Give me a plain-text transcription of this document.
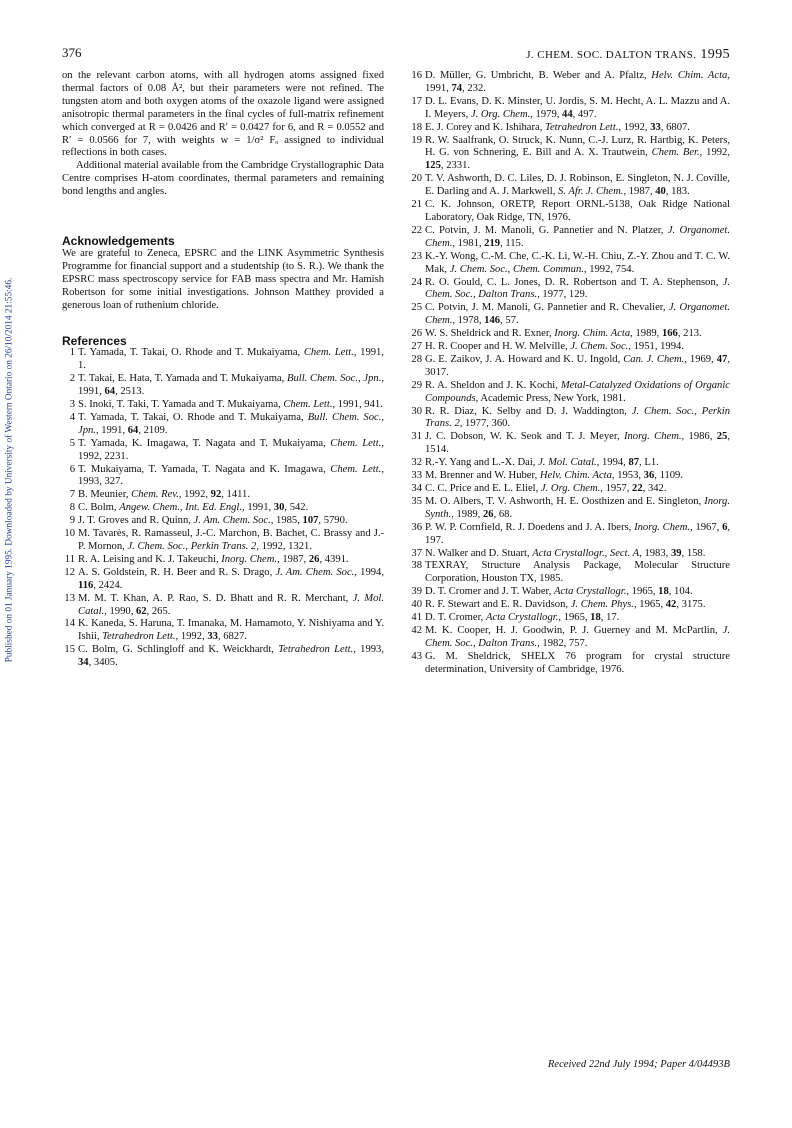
Published on 01 January 1995. Downloaded by University of Western Ontario on 26/10/2014 21:55:46.
376	J. CHEM. SOC. DALTON TRANS. 1995

on the relevant carbon atoms, with all hydrogen atoms assigned fixed thermal factors of 0.08 Å², but their parameters were not refined. The tungsten atom and both oxygen atoms of the oxazole ligand were assigned anisotropic thermal parameters in the final cycles of full-matrix refinement which converged at R = 0.0426 and R′ = 0.0427 for 6, and R = 0.0552 and R′ = 0.0566 for 7, with weights w = 1/σ² Fₒ assigned to individual reflections in both cases.

Additional material available from the Cambridge Crystallographic Data Centre comprises H-atom coordinates, thermal parameters and remaining bond lengths and angles.

Acknowledgements

We are grateful to Zeneca, EPSRC and the LINK Asymmetric Synthesis Programme for financial support and a studentship (to S. R.). We thank the EPSRC mass spectroscopy service for FAB mass spectra and Mr. Hamish Robertson for some initial investigations. Johnson Matthey provided a generous loan of ruthenium chloride.

References
1 T. Yamada, T. Takai, O. Rhode and T. Mukaiyama, Chem. Lett., 1991, 1.
2 T. Takai, E. Hata, T. Yamada and T. Mukaiyama, Bull. Chem. Soc., Jpn., 1991, 64, 2513.
3 S. Inoki, T. Taki, T. Yamada and T. Mukaiyama, Chem. Lett., 1991, 941.
4 T. Yamada, T. Takai, O. Rhode and T. Mukaiyama, Bull. Chem. Soc., Jpn., 1991, 64, 2109.
5 T. Yamada, K. Imagawa, T. Nagata and T. Mukaiyama, Chem. Lett., 1992, 2231.
6 T. Mukaiyama, T. Yamada, T. Nagata and K. Imagawa, Chem. Lett., 1993, 327.
7 B. Meunier, Chem. Rev., 1992, 92, 1411.
8 C. Bolm, Angew. Chem., Int. Ed. Engl., 1991, 30, 542.
9 J. T. Groves and R. Quinn, J. Am. Chem. Soc., 1985, 107, 5790.
10 M. Tavarès, R. Ramasseul, J.-C. Marchon, B. Bachet, C. Brassy and J.-P. Mornon, J. Chem. Soc., Perkin Trans. 2, 1992, 1321.
11 R. A. Leising and K. J. Takeuchi, Inorg. Chem., 1987, 26, 4391.
12 A. S. Goldstein, R. H. Beer and R. S. Drago, J. Am. Chem. Soc., 1994, 116, 2424.
13 M. M. T. Khan, A. P. Rao, S. D. Bhatt and R. R. Merchant, J. Mol. Catal., 1990, 62, 265.
14 K. Kaneda, S. Haruna, T. Imanaka, M. Hamamoto, Y. Nishiyama and Y. Ishii, Tetrahedron Lett., 1992, 33, 6827.
15 C. Bolm, G. Schlingloff and K. Weickhardt, Tetrahedron Lett., 1993, 34, 3405.
16 D. Müller, G. Umbricht, B. Weber and A. Pfaltz, Helv. Chim. Acta, 1991, 74, 232.
17 D. L. Evans, D. K. Minster, U. Jordis, S. M. Hecht, A. L. Mazzu and A. I. Meyers, J. Org. Chem., 1979, 44, 497.
18 E. J. Corey and K. Ishihara, Tetrahedron Lett., 1992, 33, 6807.
19 R. W. Saalfrank, O. Struck, K. Nunn, C.-J. Lurz, R. Hartbig, K. Peters, H. G. von Schnering, E. Bill and A. X. Trautwein, Chem. Ber., 1992, 125, 2331.
20 T. V. Ashworth, D. C. Liles, D. J. Robinson, E. Singleton, N. J. Coville, E. Darling and A. J. Markwell, S. Afr. J. Chem., 1987, 40, 183.
21 C. K. Johnson, ORETP, Report ORNL-5138, Oak Ridge National Laboratory, Oak Ridge, TN, 1976.
22 C. Potvin, J. M. Manoli, G. Pannetier and N. Platzer, J. Organomet. Chem., 1981, 219, 115.
23 K.-Y. Wong, C.-M. Che, C.-K. Li, W.-H. Chiu, Z.-Y. Zhou and T. C. W. Mak, J. Chem. Soc., Chem. Commun., 1992, 754.
24 R. O. Gould, C. L. Jones, D. R. Robertson and T. A. Stephenson, J. Chem. Soc., Dalton Trans., 1977, 129.
25 C. Potvin, J. M. Manoli, G. Pannetier and R. Chevalier, J. Organomet. Chem., 1978, 146, 57.
26 W. S. Sheldrick and R. Exner, Inorg. Chim. Acta, 1989, 166, 213.
27 H. R. Cooper and H. W. Melville, J. Chem. Soc., 1951, 1994.
28 G. E. Zaikov, J. A. Howard and K. U. Ingold, Can. J. Chem., 1969, 47, 3017.
29 R. A. Sheldon and J. K. Kochi, Metal-Catalyzed Oxidations of Organic Compounds, Academic Press, New York, 1981.
30 R. R. Diaz, K. Selby and D. J. Waddington, J. Chem. Soc., Perkin Trans. 2, 1977, 360.
31 J. C. Dobson, W. K. Seok and T. J. Meyer, Inorg. Chem., 1986, 25, 1514.
32 R.-Y. Yang and L.-X. Dai, J. Mol. Catal., 1994, 87, L1.
33 M. Brenner and W. Huber, Helv. Chim. Acta, 1953, 36, 1109.
34 C. C. Price and E. L. Eliel, J. Org. Chem., 1957, 22, 342.
35 M. O. Albers, T. V. Ashworth, H. E. Oosthizen and E. Singleton, Inorg. Synth., 1989, 26, 68.
36 P. W. P. Cornfield, R. J. Doedens and J. A. Ibers, Inorg. Chem., 1967, 6, 197.
37 N. Walker and D. Stuart, Acta Crystallogr., Sect. A, 1983, 39, 158.
38 TEXRAY, Structure Analysis Package, Molecular Structure Corporation, Houston TX, 1985.
39 D. T. Cromer and J. T. Waber, Acta Crystallogr., 1965, 18, 104.
40 R. F. Stewart and E. R. Davidson, J. Chem. Phys., 1965, 42, 3175.
41 D. T. Cromer, Acta Crystallogr., 1965, 18, 17.
42 M. K. Cooper, H. J. Goodwin, P. J. Guerney and M. McPartlin, J. Chem. Soc., Dalton Trans., 1982, 757.
43 G. M. Sheldrick, SHELX 76 program for crystal structure determination, University of Cambridge, 1976.
Received 22nd July 1994; Paper 4/04493B
